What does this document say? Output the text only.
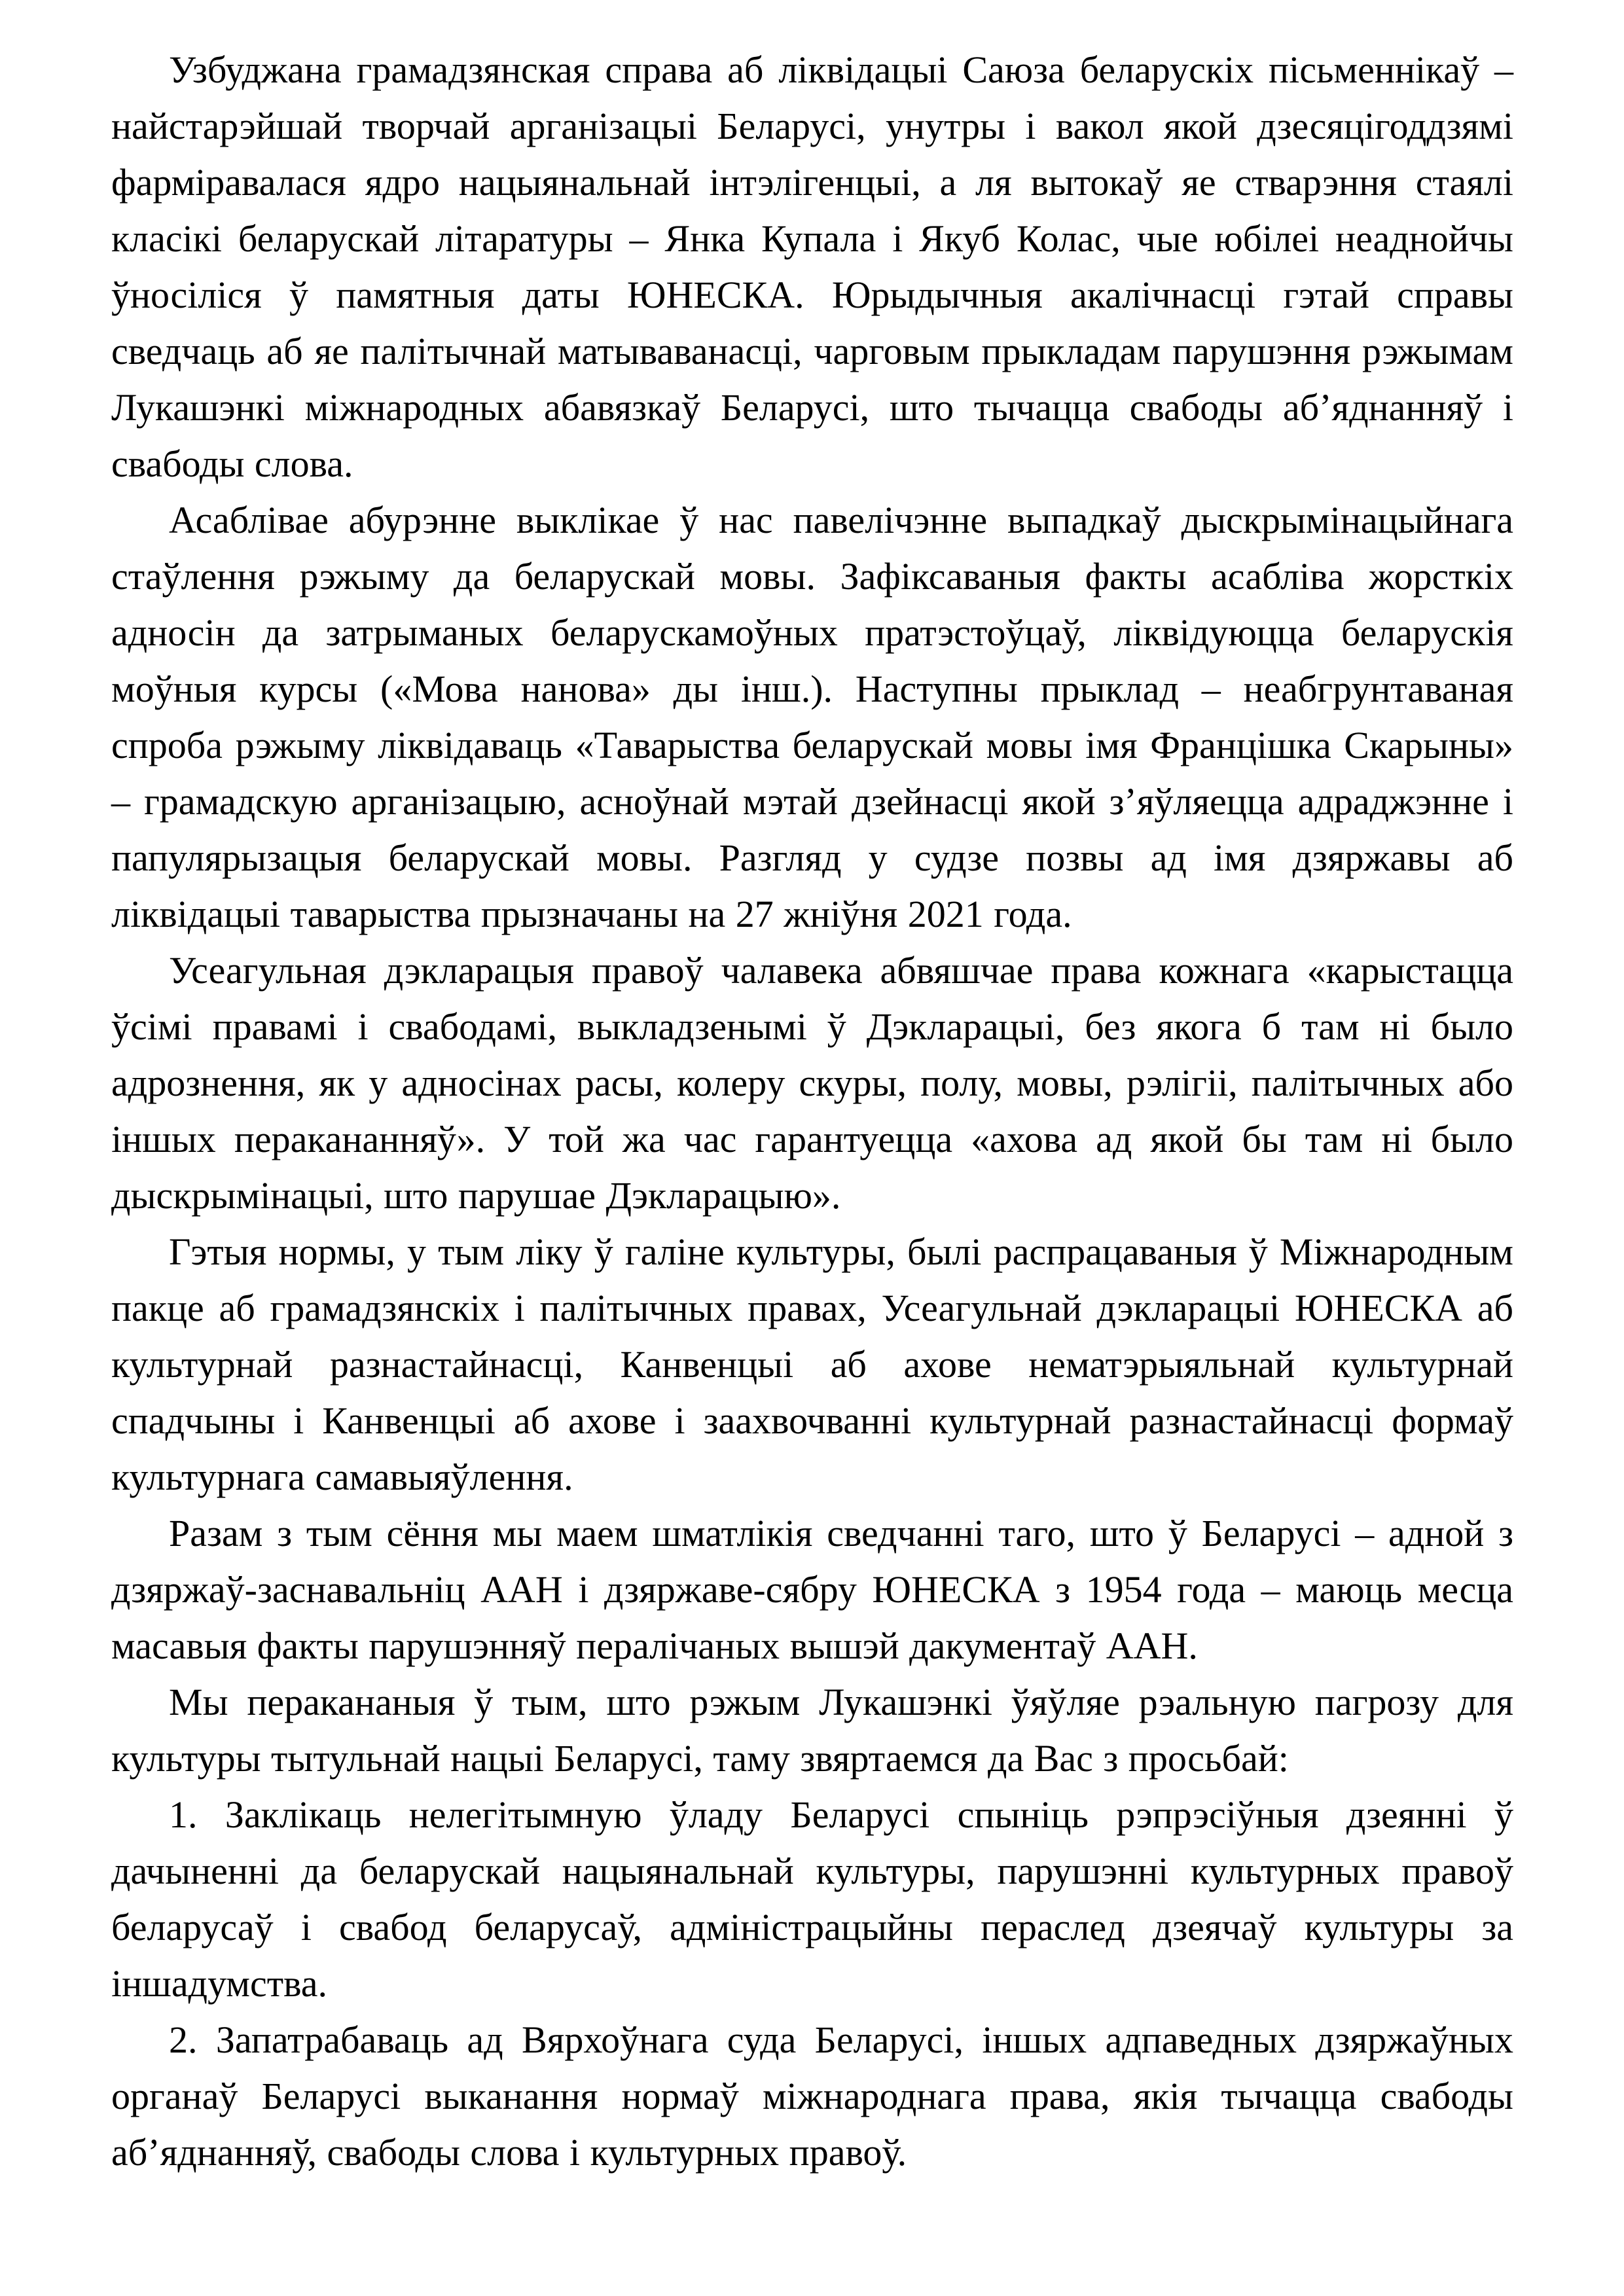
Узбуджана грамадзянская справа аб ліквідацыі Саюза беларускіх пісьменнікаў – найстарэйшай творчай арганізацыі Беларусі, унутры і вакол якой дзесяцігоддзямі фарміравалася ядро нацыянальнай інтэлігенцыі, а ля вытокаў яе стварэння стаялі класікі беларускай літаратуры – Янка Купала і Якуб Колас, чые юбілеі неаднойчы ўносіліся ў памятныя даты ЮНЕСКА. Юрыдычныя акалічнасці гэтай справы сведчаць аб яе палітычнай матываванасці, чарговым прыкладам парушэння рэжымам Лукашэнкі міжнародных абавязкаў Беларусі, што тычацца свабоды аб’яднанняў і свабоды слова.

Асаблівае абурэнне выклікае ў нас павелічэнне выпадкаў дыскрымінацыйнага стаўлення рэжыму да беларускай мовы. Зафіксаваныя факты асабліва жорсткіх адносін да затрыманых беларускамоўных пратэстоўцаў, ліквідуюцца беларускія моўныя курсы («Мова нанова» ды інш.). Наступны прыклад – неабгрунтаваная спроба рэжыму ліквідаваць «Таварыства беларускай мовы імя Францішка Скарыны» – грамадскую арганізацыю, асноўнай мэтай дзейнасці якой з’яўляецца адраджэнне і папулярызацыя беларускай мовы. Разгляд у судзе позвы ад імя дзяржавы аб ліквідацыі таварыства прызначаны на 27 жніўня 2021 года.

Усеагульная дэкларацыя правоў чалавека абвяшчае права кожнага «карыстацца ўсімі правамі і свабодамі, выкладзенымі ў Дэкларацыі, без якога б там ні было адрознення, як у адносінах расы, колеру скуры, полу, мовы, рэлігіі, палітычных або іншых перакананняў». У той жа час гарантуецца «ахова ад якой бы там ні было дыскрымінацыі, што парушае Дэкларацыю».

Гэтыя нормы, у тым ліку ў галіне культуры, былі распрацаваныя ў Міжнародным пакце аб грамадзянскіх і палітычных правах, Усеагульнай дэкларацыі ЮНЕСКА аб культурнай разнастайнасці, Канвенцыі аб ахове нематэрыяльнай культурнай спадчыны і Канвенцыі аб ахове і заахвочванні культурнай разнастайнасці формаў культурнага самавыяўлення.

Разам з тым сёння мы маем шматлікія сведчанні таго, што ў Беларусі – адной з дзяржаў-заснавальніц ААН і дзяржаве-сябру ЮНЕСКА з 1954 года – маюць месца масавыя факты парушэнняў пералічаных вышэй дакументаў ААН.

Мы перакананыя ў тым, што рэжым Лукашэнкі ўяўляе рэальную пагрозу для культуры тытульнай нацыі Беларусі, таму звяртаемся да Вас з просьбай:

1. Заклікаць нелегітымную ўладу Беларусі спыніць рэпрэсіўныя дзеянні ў дачыненні да беларускай нацыянальнай культуры, парушэнні культурных правоў беларусаў і свабод беларусаў, адміністрацыйны пераслед дзеячаў культуры за іншадумства.

2. Запатрабаваць ад Вярхоўнага суда Беларусі, іншых адпаведных дзяржаўных органаў Беларусі выканання нормаў міжнароднага права, якія тычацца свабоды аб’яднанняў, свабоды слова і культурных правоў.
